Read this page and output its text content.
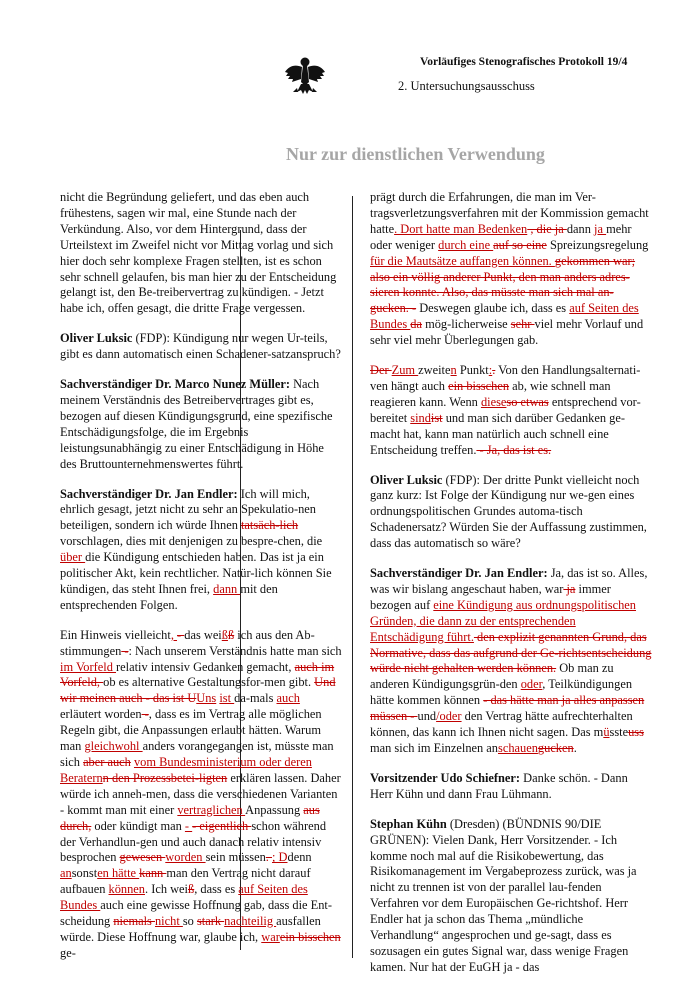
Vorläufiges Stenografisches Protokoll 19/4
2. Untersuchungsausschuss
Nur zur dienstlichen Verwendung

nicht die Begründung geliefert, und das eben auch frühestens, sagen wir mal, eine Stunde nach der Verkündung. Also, vor dem Hintergrund, dass der Urteilstext im Zweifel nicht vor Mittag vorlag und sich hier doch sehr komplexe Fragen stellten, ist es schon sehr schnell gelaufen, bis man hier zu der Entscheidung gelangt ist, den Be-treibervertrag zu kündigen. - Jetzt habe ich, offen gesagt, die dritte Frage vergessen.

Oliver Luksic (FDP): Kündigung nur wegen Ur-teils, gibt es dann automatisch einen Schadener-satzanspruch?

Sachverständiger Dr. Marco Nunez Müller: Nach meinem Verständnis des Betreibervertrages gibt es, bezogen auf diesen Kündigungsgrund, eine spezifische Entschädigungsfolge, die im Ergebnis leistungsunabhängig zu einer Entschädigung in Höhe des Bruttounternehmenswertes führt.

Sachverständiger Dr. Jan Endler: Ich will mich, ehrlich gesagt, jetzt nicht zu sehr an Spekulatio-nen beteiligen, sondern ich würde Ihnen tatsäch-lich vorschlagen, dies mit denjenigen zu bespre-chen, die über die Kündigung entschieden haben. Das ist ja ein politischer Akt, kein rechtlicher. Natür-lich können Sie kündigen, das steht Ihnen frei, dann mit den entsprechenden Folgen.

Ein Hinweis vielleicht, - das weißß ich aus den Ab-stimmungen -: Nach unserem Verständnis hatte man sich im Vorfeld relativ intensiv Gedanken gemacht, auch im Vorfeld, ob es alternative Gestaltungsfor-men gibt. Und wir meinen auch - das ist UUns ist da-mals auch erläutert worden -, dass es im Vertrag alle möglichen Regeln gibt, die Anpassungen erlaubt hätten. Warum man gleichwohl anders vorangegangen ist, müsste man sich aber auch vom Bundesministerium oder deren Beraternn den Prozessbetei-ligten erklären lassen. Daher würde ich anneh-men, dass die verschiedenen Varianten - kommt man mit einer vertraglichen Anpassung aus durch, oder kündigt man - - eigentlich schon während der Verhandlun-gen und auch danach relativ intensiv besprochen gewesen worden sein müssen. ; Ddenn ansonsten hätte kann man den Vertrag nicht darauf aufbauen können. Ich weiß, dass es auf Seiten des Bundes auch eine gewisse Hoffnung gab, dass die Ent-scheidung niemals nicht so stark nachteilig ausfallen würde. Diese Hoffnung war, glaube ich, warein bisschen ge-

prägt durch die Erfahrungen, die man im Ver-tragsverletzungsverfahren mit der Kommission gemacht hatte. Dort hatte man Bedenken , die ja dann ja mehr oder weniger durch eine auf so eine Spreizungsregelung für die Mautsätze auffangen können. gekommen war; also ein völlig anderer Punkt, den man anders adres-sieren konnte. Also, das müsste man sich mal an-gucken. - Deswegen glaube ich, dass es auf Seiten des Bundes da mög-licherweise sehr viel mehr Vorlauf und sehr viel mehr Überlegungen gab.

Der Zum zweiten Punkt:. Von den Handlungsalternati-ven hängt auch ein bisschen ab, wie schnell man reagieren kann. Wenn dieseso etwas entsprechend vor-bereitet sindist und man sich darüber Gedanken ge-macht hat, kann man natürlich auch schnell eine Entscheidung treffen. - Ja, das ist es.

Oliver Luksic (FDP): Der dritte Punkt vielleicht noch ganz kurz: Ist Folge der Kündigung nur we-gen eines ordnungspolitischen Grundes automa-tisch Schadenersatz? Würden Sie der Auffassung zustimmen, dass das automatisch so wäre?

Sachverständiger Dr. Jan Endler: Ja, das ist so. Alles, was wir bislang angeschaut haben, war ja immer bezogen auf eine Kündigung aus ordnungspolitischen Gründen, die dann zu der entsprechenden Entschädigung führt. den explizit genannten Grund, das Normative, dass das aufgrund der Ge-richtsentscheidung würde nicht gehalten werden können. Ob man zu anderen Kündigungsgrün-den oder, Teilkündigungen hätte kommen können - das hätte man ja alles anpassen müssen - und/oder den Vertrag hätte aufrechterhalten können, das kann ich Ihnen nicht sagen. Das müssteuss man sich im Einzelnen anschauengucken.

Vorsitzender Udo Schiefner: Danke schön. - Dann Herr Kühn und dann Frau Lühmann.

Stephan Kühn (Dresden) (BÜNDNIS 90/DIE GRÜNEN): Vielen Dank, Herr Vorsitzender. - Ich komme noch mal auf die Risikobewertung, das Risikomanagement im Vergabeprozess zurück, was ja nicht zu trennen ist von der parallel lau-fenden Verfahren vor dem Europäischen Ge-richtshof. Herr Endler hat ja schon das Thema „mündliche Verhandlung“ angesprochen und ge-sagt, dass es sozusagen ein gutes Signal war, dass wenige Fragen kamen. Nur hat der EuGH ja - das
